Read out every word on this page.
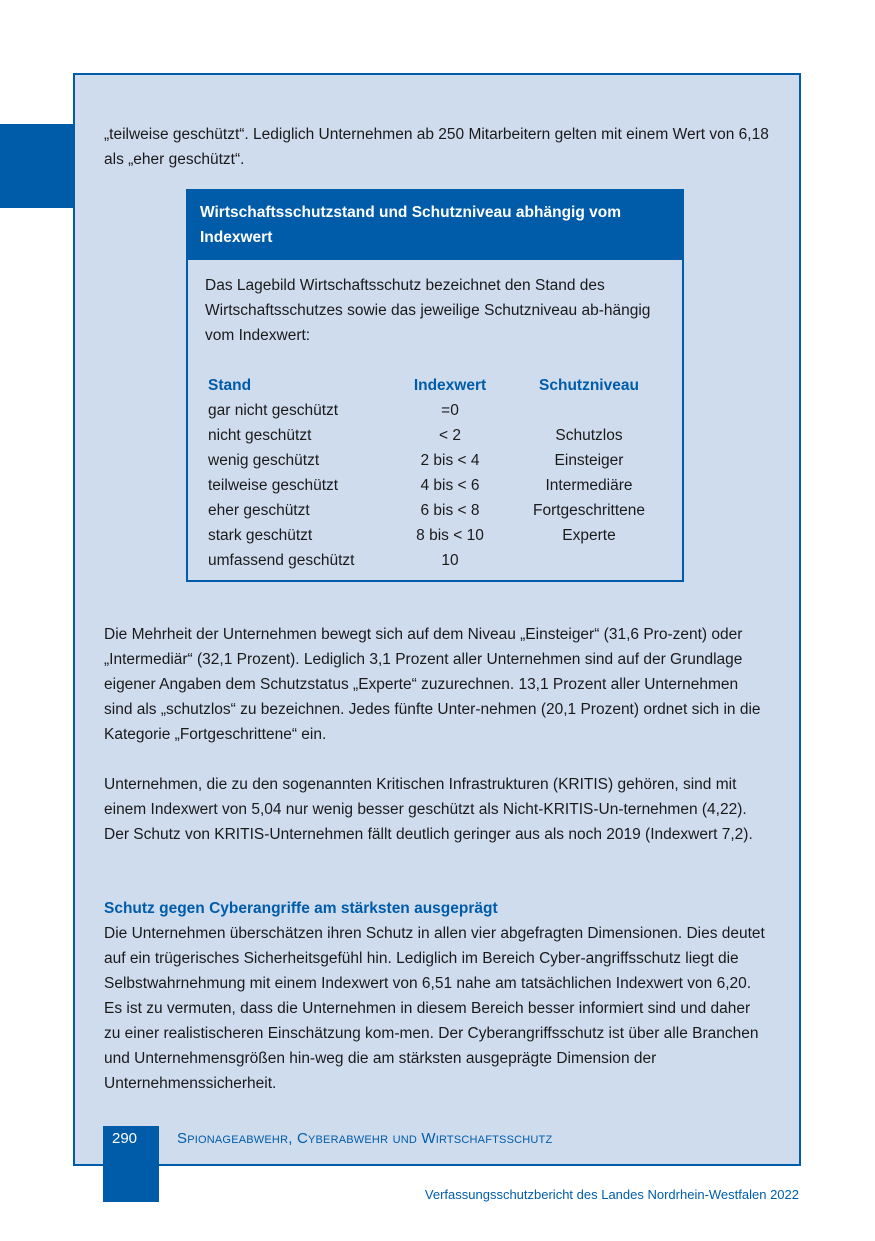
„teilweise geschützt“. Lediglich Unternehmen ab 250 Mitarbeitern gelten mit einem Wert von 6,18 als „eher geschützt“.

Wirtschaftsschutzstand und Schutzniveau abhängig vom Indexwert

Das Lagebild Wirtschaftsschutz bezeichnet den Stand des Wirtschaftsschutzes sowie das jeweilige Schutzniveau ab-hängig vom Indexwert:

Stand	Indexwert	Schutzniveau
gar nicht geschützt	=0	
nicht geschützt	< 2	Schutzlos
wenig geschützt	2 bis < 4	Einsteiger
teilweise geschützt	4 bis < 6	Intermediäre
eher geschützt	6 bis < 8	Fortgeschrittene
stark geschützt	8 bis < 10	Experte
umfassend geschützt	10	

Die Mehrheit der Unternehmen bewegt sich auf dem Niveau „Einsteiger“ (31,6 Pro-zent) oder „Intermediär“ (32,1 Prozent). Lediglich 3,1 Prozent aller Unternehmen sind auf der Grundlage eigener Angaben dem Schutzstatus „Experte“ zuzurechnen. 13,1 Prozent aller Unternehmen sind als „schutzlos“ zu bezeichnen. Jedes fünfte Unter-nehmen (20,1 Prozent) ordnet sich in die Kategorie „Fortgeschrittene“ ein.

Unternehmen, die zu den sogenannten Kritischen Infrastrukturen (KRITIS) gehören, sind mit einem Indexwert von 5,04 nur wenig besser geschützt als Nicht-KRITIS-Un-ternehmen (4,22). Der Schutz von KRITIS-Unternehmen fällt deutlich geringer aus als noch 2019 (Indexwert 7,2).

Schutz gegen Cyberangriffe am stärksten ausgeprägt

Die Unternehmen überschätzen ihren Schutz in allen vier abgefragten Dimensionen. Dies deutet auf ein trügerisches Sicherheitsgefühl hin. Lediglich im Bereich Cyber-angriffsschutz liegt die Selbstwahrnehmung mit einem Indexwert von 6,51 nahe am tatsächlichen Indexwert von 6,20. Es ist zu vermuten, dass die Unternehmen in diesem Bereich besser informiert sind und daher zu einer realistischeren Einschätzung kom-men. Der Cyberangriffsschutz ist über alle Branchen und Unternehmensgrößen hin-weg die am stärksten ausgeprägte Dimension der Unternehmenssicherheit.

290	Spionageabwehr, Cyberabwehr und Wirtschaftsschutz
Verfassungsschutzbericht des Landes Nordrhein-Westfalen 2022
